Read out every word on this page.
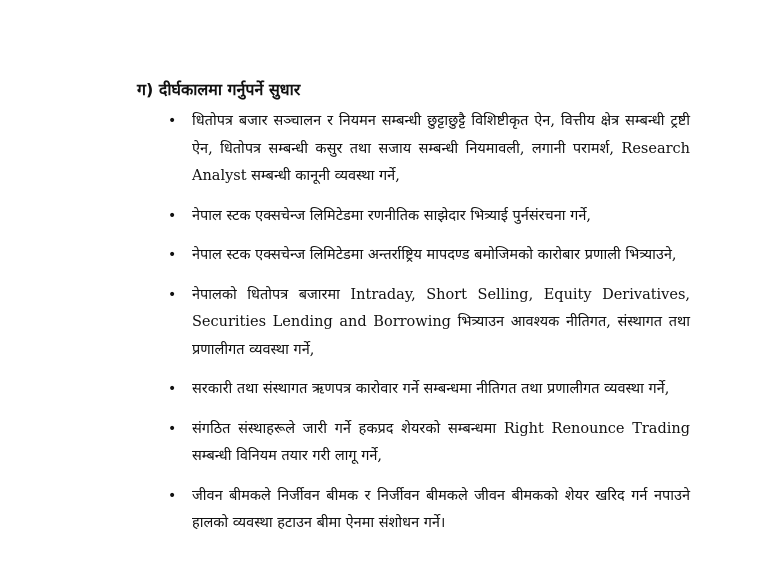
ग) दीर्घकालमा गर्नुपर्ने सुधार
• धितोपत्र बजार सञ्चालन र नियमन सम्बन्धी छुट्टाछुट्टै विशिष्टीकृत ऐन, वित्तीय क्षेत्र सम्बन्धी ट्रष्टी ऐन, धितोपत्र सम्बन्धी कसुर तथा सजाय सम्बन्धी नियमावली, लगानी परामर्श, Research Analyst सम्बन्धी कानूनी व्यवस्था गर्ने,
• नेपाल स्टक एक्सचेन्ज लिमिटेडमा रणनीतिक साझेदार भित्र्याई पुर्नसंरचना गर्ने,
• नेपाल स्टक एक्सचेन्ज लिमिटेडमा अन्तर्राष्ट्रिय मापदण्ड बमोजिमको कारोबार प्रणाली भित्र्याउने,
• नेपालको धितोपत्र बजारमा Intraday, Short Selling, Equity Derivatives, Securities Lending and Borrowing भित्र्याउन आवश्यक नीतिगत, संस्थागत तथा प्रणालीगत व्यवस्था गर्ने,
• सरकारी तथा संस्थागत ऋणपत्र कारोवार गर्ने सम्बन्धमा नीतिगत तथा प्रणालीगत व्यवस्था गर्ने,
• संगठित संस्थाहरूले जारी गर्ने हकप्रद शेयरको सम्बन्धमा Right Renounce Trading सम्बन्धी विनियम तयार गरी लागू गर्ने,
• जीवन बीमकले निर्जीवन बीमक र निर्जीवन बीमकले जीवन बीमकको शेयर खरिद गर्न नपाउने हालको व्यवस्था हटाउन बीमा ऐनमा संशोधन गर्ने।
